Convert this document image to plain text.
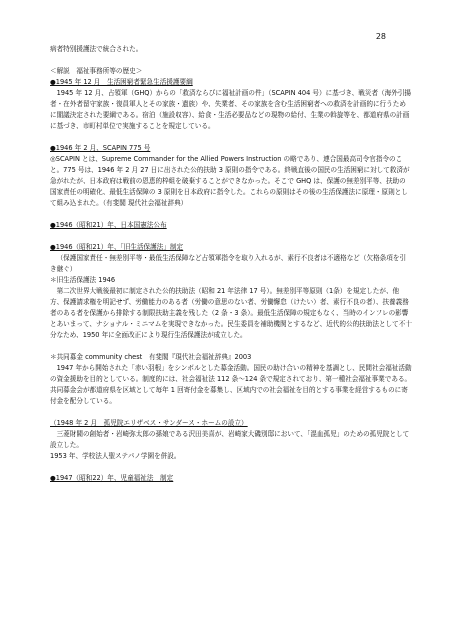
28

病者特別援護法で統合された。

＜解説　福祉事務所等の歴史＞

●1945 年 12 月　生活困窮者緊急生活援護要綱

　1945 年 12 月、占領軍（GHQ）からの「救済ならびに福祉計画の件」（SCAPIN 404 号）に基づき、戦災者（海外引揚者・在外者留守家族・復員軍人とその家族・遺族）や、失業者、その家族を含む生活困窮者への救済を計画的に行うために閣議決定された要綱である。宿泊（施設収容）、給食・生活必要品などの現物の給付、生業の斡旋等を、都道府県の計画に基づき、市町村単位で実施することを規定している。

●1946 年 2 月、SCAPIN 775 号

◎SCAPIN とは、Supreme Commander for the Allied Powers Instruction の略であり、連合国最高司令官指令のこと。775 号は、1946 年 2 月 27 日に出された公的扶助 3 原則の指令である。終戦直後の国民の生活困窮に対して救済が急がれたが、日本政府は戦前の恩恵的枠組を破棄することができなかった。そこで GHQ は、保護の無差別平等、扶助の国家責任の明確化、最低生活保障の 3 原則を日本政府に指令した。これらの原則はその後の生活保護法に原理・原則として組み込まれた。（有斐閣 現代社会福祉辞典）

●1946（昭和21）年、日本国憲法公布

●1946（昭和21）年、「旧生活保護法」制定

（保護国家責任・無差別平等・最低生活保障など占領軍指令を取り入れるが、素行不良者は不適格など（欠格条項を引き継ぐ）

＊旧生活保護法 1946

　第二次世界大戦後最初に制定された公的扶助法（昭和 21 年法律 17 号）。無差別平等原則（1条）を規定したが、他方、保護請求権を明記せず、労働能力のある者（労働の意思のない者、労働懈怠（けたい）者、素行不良の者）、扶養義務者のある者を保護から排除する制限扶助主義を残した（2 条・3 条）。最低生活保障の規定もなく、当時のインフレの影響とあいまって、ナショナル・ミニマムを実現できなかった。民生委員を補助機関とするなど、近代的公的扶助法として不十分なため、1950 年に全面改正により現行生活保護法が成立した。

＊共同募金 community chest　有斐閣『現代社会福祉辞典』2003

　1947 年から開始された「赤い羽根」をシンボルとした募金活動。国民の助け合いの精神を基調とし、民間社会福祉活動の資金援助を目的としている。制度的には、社会福祉法 112 条～124 条で規定されており、第一種社会福祉事業である。共同募金会が都道府県を区域として毎年 1 回寄付金を募集し、区域内での社会福祉を目的とする事業を経営するものに寄付金を配分している。

（1948 年 2 月　孤児院エリザベス・サンダース・ホームの設立）

　三菱財閥の創始者・岩崎弥太郎の孫娘である沢田美喜が、岩崎家大磯別邸において、「混血孤児」のための孤児院として設立した。

1953 年、学校法人聖ステパノ学園を併設。

●1947（昭和22）年、児童福祉法　制定
